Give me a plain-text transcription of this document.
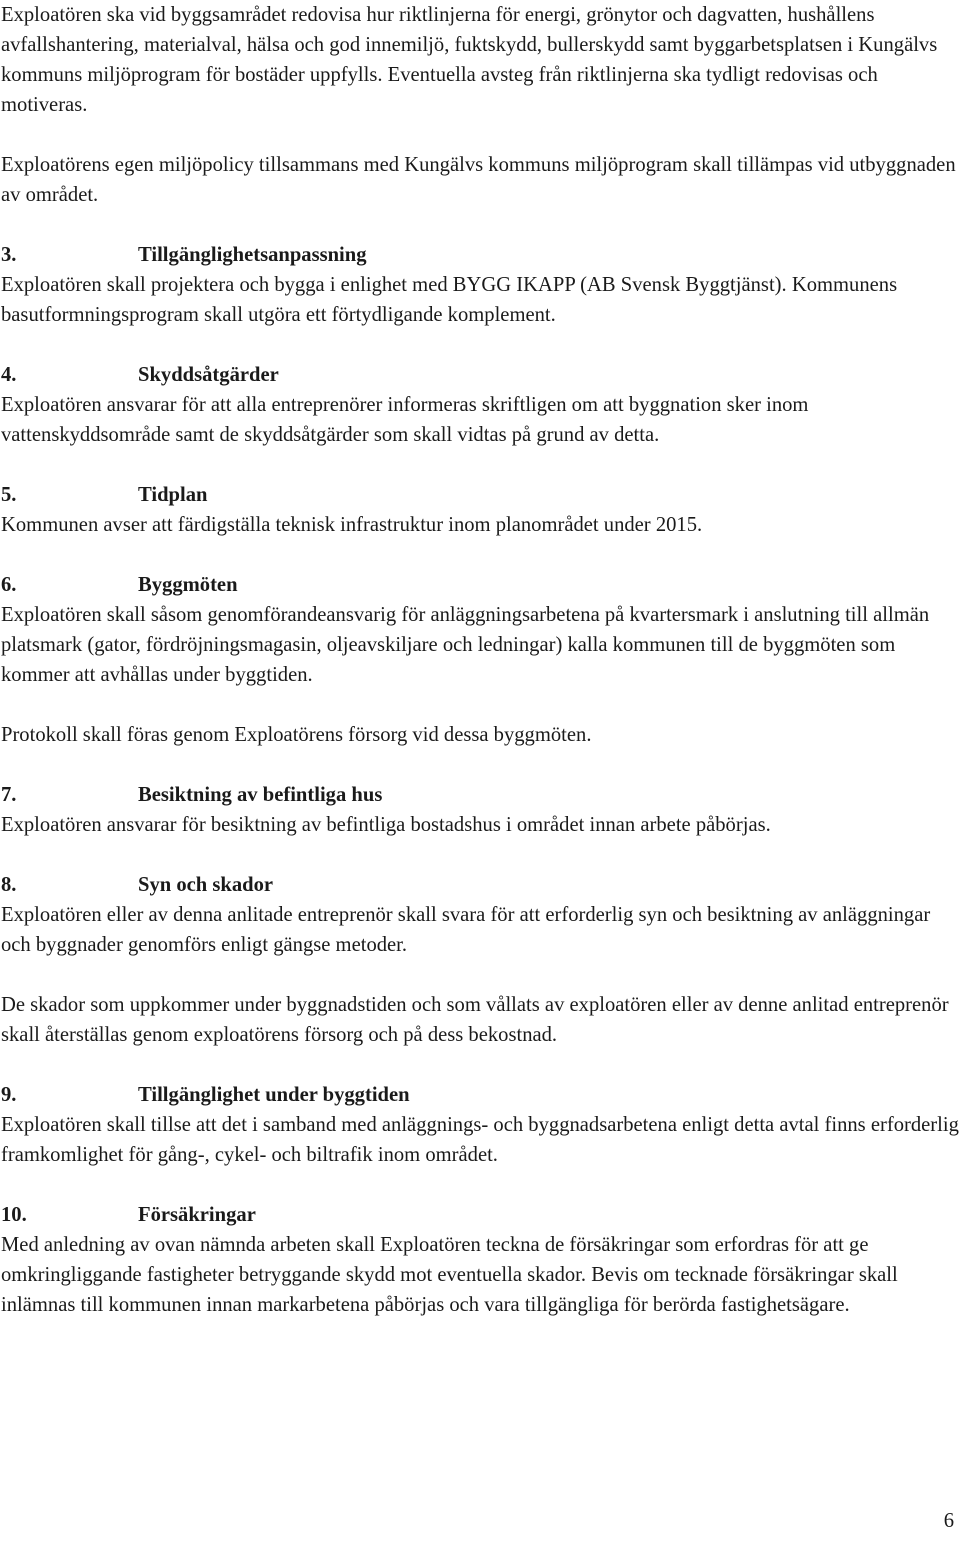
Exploatören ska vid byggsamrådet redovisa hur riktlinjerna för energi, grönytor och dagvatten, hushållens avfallshantering, materialval, hälsa och god innemiljö, fuktskydd, bullerskydd samt byggarbetsplatsen i Kungälvs kommuns miljöprogram för bostäder uppfylls. Eventuella avsteg från riktlinjerna ska tydligt redovisas och motiveras.

Exploatörens egen miljöpolicy tillsammans med Kungälvs kommuns miljöprogram skall tillämpas vid utbyggnaden av området.

3.	Tillgänglighetsanpassning

Exploatören skall projektera och bygga i enlighet med BYGG IKAPP (AB Svensk Byggtjänst). Kommunens basutformningsprogram skall utgöra ett förtydligande komplement.

4.	Skyddsåtgärder

Exploatören ansvarar för att alla entreprenörer informeras skriftligen om att byggnation sker inom vattenskyddsområde samt de skyddsåtgärder som skall vidtas på grund av detta.

5.	Tidplan

Kommunen avser att färdigställa teknisk infrastruktur inom planområdet under 2015.

6.	Byggmöten

Exploatören skall såsom genomförandeansvarig för anläggningsarbetena på kvartersmark i anslutning till allmän platsmark (gator, fördröjningsmagasin, oljeavskiljare och ledningar) kalla kommunen till de byggmöten som kommer att avhållas under byggtiden.

Protokoll skall föras genom Exploatörens försorg vid dessa byggmöten.

7.	Besiktning av befintliga hus

Exploatören ansvarar för besiktning av befintliga bostadshus i området innan arbete påbörjas.

8.	Syn och skador

Exploatören eller av denna anlitade entreprenör skall svara för att erforderlig syn och besiktning av anläggningar och byggnader genomförs enligt gängse metoder.

De skador som uppkommer under byggnadstiden och som vållats av exploatören eller av denne anlitad entreprenör skall återställas genom exploatörens försorg och på dess bekostnad.

9.	Tillgänglighet under byggtiden

Exploatören skall tillse att det i samband med anläggnings- och byggnadsarbetena enligt detta avtal finns erforderlig framkomlighet för gång-, cykel- och biltrafik inom området.

10.	Försäkringar

Med anledning av ovan nämnda arbeten skall Exploatören teckna de försäkringar som erfordras för att ge omkringliggande fastigheter betryggande skydd mot eventuella skador. Bevis om tecknade försäkringar skall inlämnas till kommunen innan markarbetena påbörjas och vara tillgängliga för berörda fastighetsägare.

6
